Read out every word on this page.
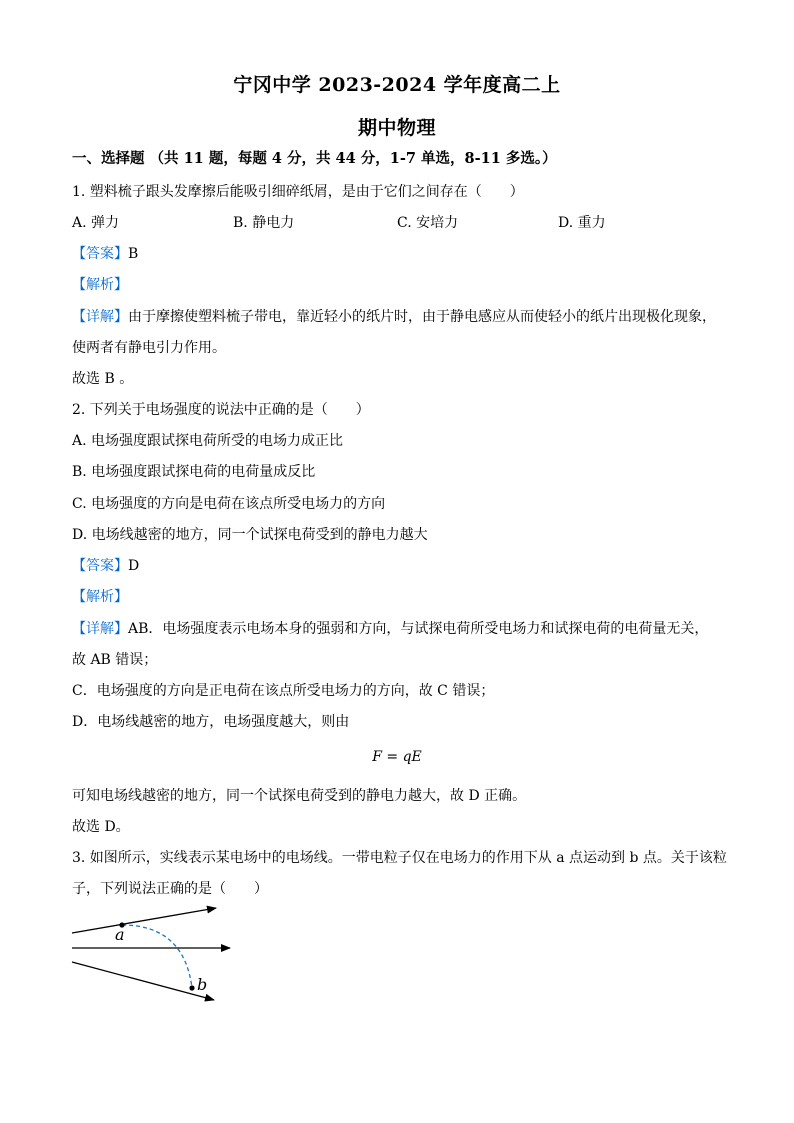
宁冈中学 2023-2024 学年度高二上
期中物理
一、选择题 （共 11 题，每题 4 分，共 44 分，1-7 单选，8-11 多选。）
1. 塑料梳子跟头发摩擦后能吸引细碎纸屑，是由于它们之间存在（　　）
A. 弹力	B. 静电力	C. 安培力	D. 重力
【答案】B
【解析】
【详解】由于摩擦使塑料梳子带电，靠近轻小的纸片时，由于静电感应从而使轻小的纸片出现极化现象，
使两者有静电引力作用。
故选 B 。
2. 下列关于电场强度的说法中正确的是（　　）
A. 电场强度跟试探电荷所受的电场力成正比
B. 电场强度跟试探电荷的电荷量成反比
C. 电场强度的方向是电荷在该点所受电场力的方向
D. 电场线越密的地方，同一个试探电荷受到的静电力越大
【答案】D
【解析】
【详解】AB．电场强度表示电场本身的强弱和方向，与试探电荷所受电场力和试探电荷的电荷量无关，
故 AB 错误；
C．电场强度的方向是正电荷在该点所受电场力的方向，故 C 错误；
D．电场线越密的地方，电场强度越大，则由
F = qE
可知电场线越密的地方，同一个试探电荷受到的静电力越大，故 D 正确。
故选 D。
3. 如图所示，实线表示某电场中的电场线。一带电粒子仅在电场力的作用下从 a 点运动到 b 点。关于该粒
子，下列说法正确的是（　　）
a
b
